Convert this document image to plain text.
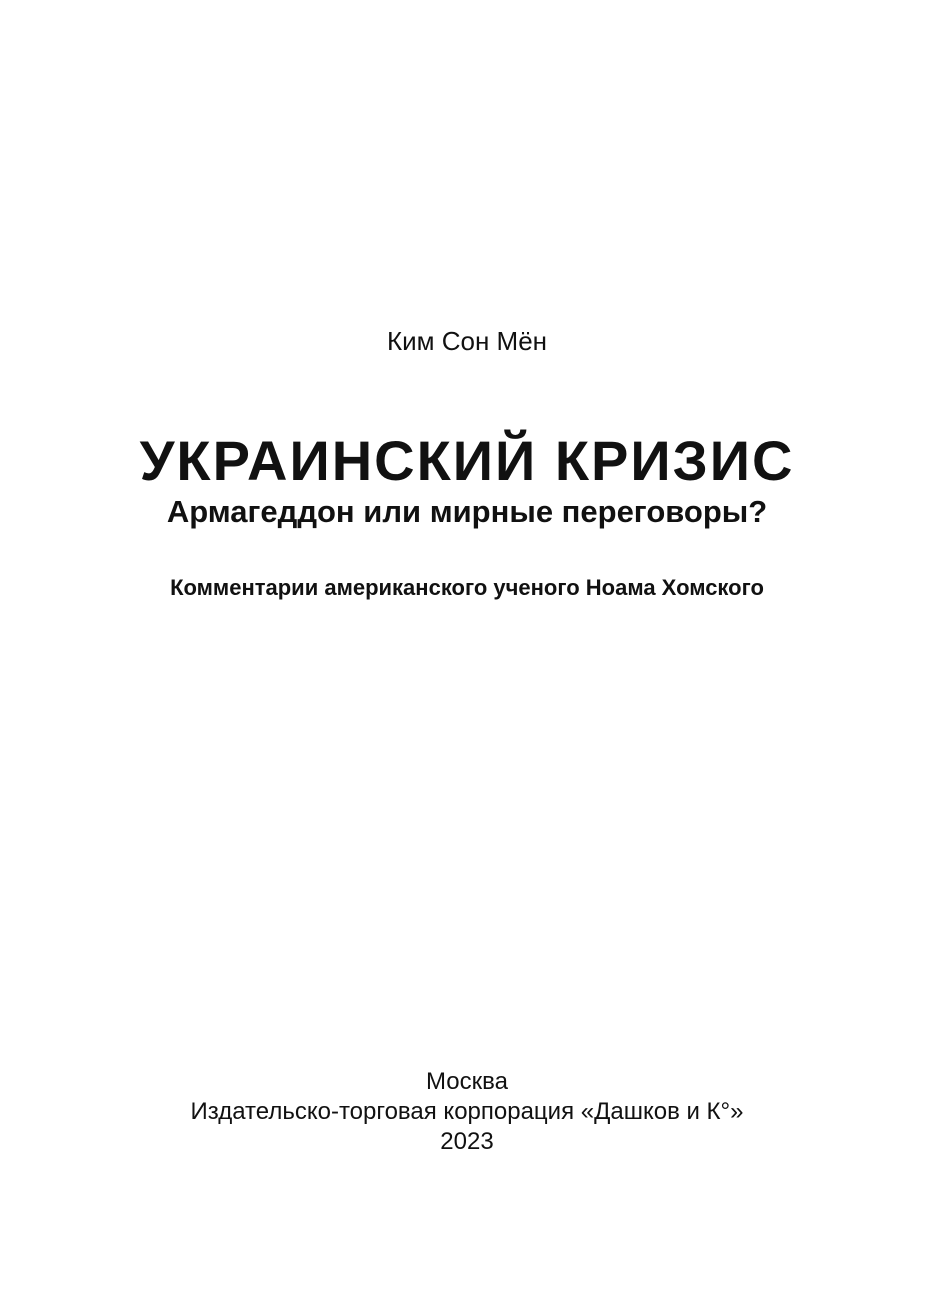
Ким Сон Мён
УКРАИНСКИЙ КРИЗИС
Армагеддон или мирные переговоры?
Комментарии американского ученого Ноама Хомского
Москва
Издательско-торговая корпорация «Дашков и К°»
2023
